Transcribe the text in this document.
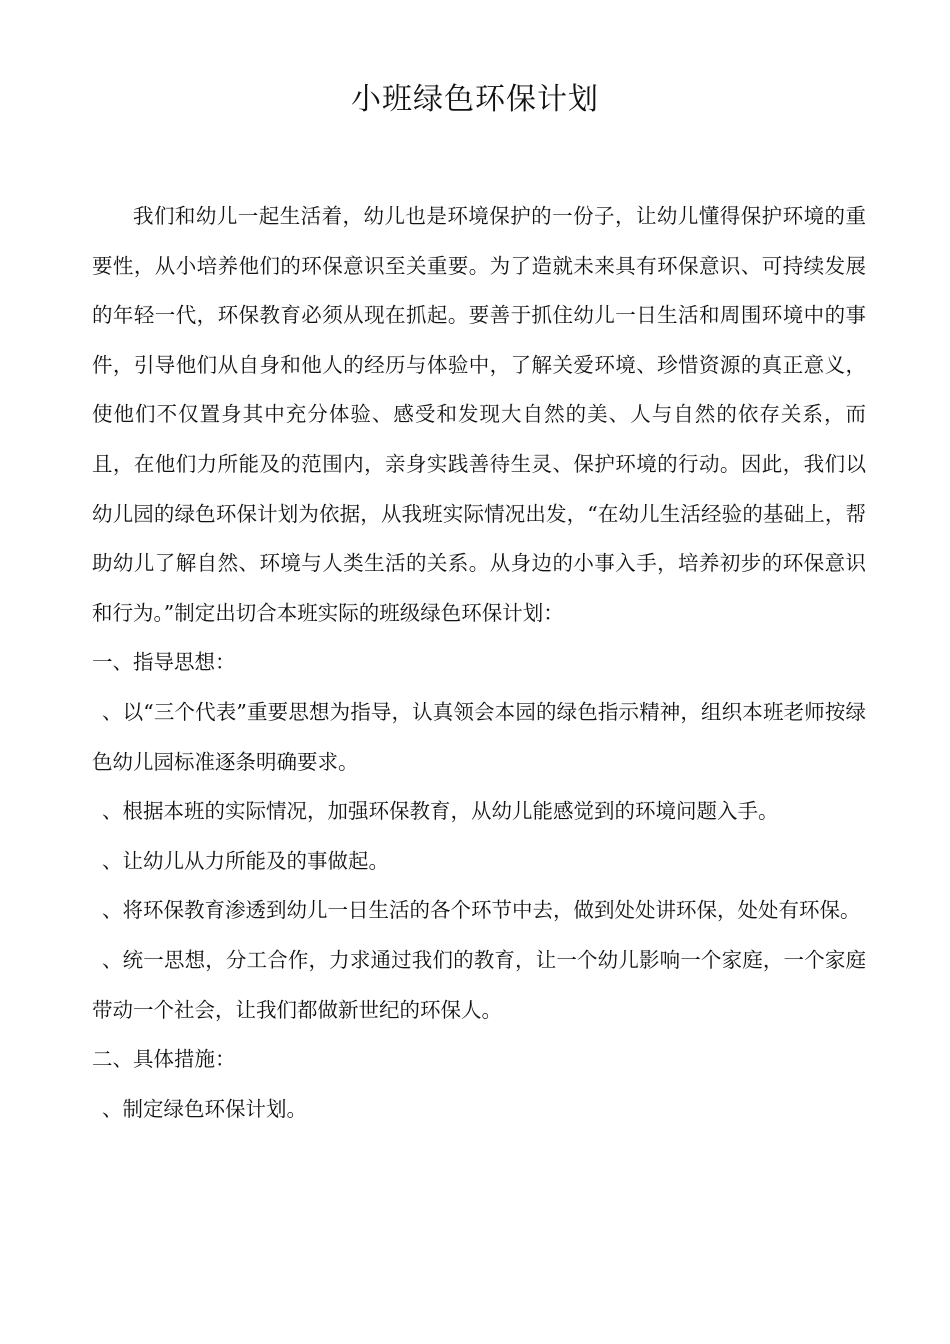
小班绿色环保计划

我们和幼儿一起生活着，幼儿也是环境保护的一份子，让幼儿懂得保护环境的重要性，从小培养他们的环保意识至关重要。为了造就未来具有环保意识、可持续发展的年轻一代，环保教育必须从现在抓起。要善于抓住幼儿一日生活和周围环境中的事件，引导他们从自身和他人的经历与体验中，了解关爱环境、珍惜资源的真正意义，使他们不仅置身其中充分体验、感受和发现大自然的美、人与自然的依存关系，而且，在他们力所能及的范围内，亲身实践善待生灵、保护环境的行动。因此，我们以幼儿园的绿色环保计划为依据，从我班实际情况出发，“在幼儿生活经验的基础上，帮助幼儿了解自然、环境与人类生活的关系。从身边的小事入手，培养初步的环保意识和行为。”制定出切合本班实际的班级绿色环保计划：

一、指导思想：

、以“三个代表”重要思想为指导，认真领会本园的绿色指示精神，组织本班老师按绿色幼儿园标准逐条明确要求。

、根据本班的实际情况，加强环保教育，从幼儿能感觉到的环境问题入手。

、让幼儿从力所能及的事做起。

、将环保教育渗透到幼儿一日生活的各个环节中去，做到处处讲环保，处处有环保。

、统一思想，分工合作，力求通过我们的教育，让一个幼儿影响一个家庭，一个家庭带动一个社会，让我们都做新世纪的环保人。

二、具体措施：

、制定绿色环保计划。
